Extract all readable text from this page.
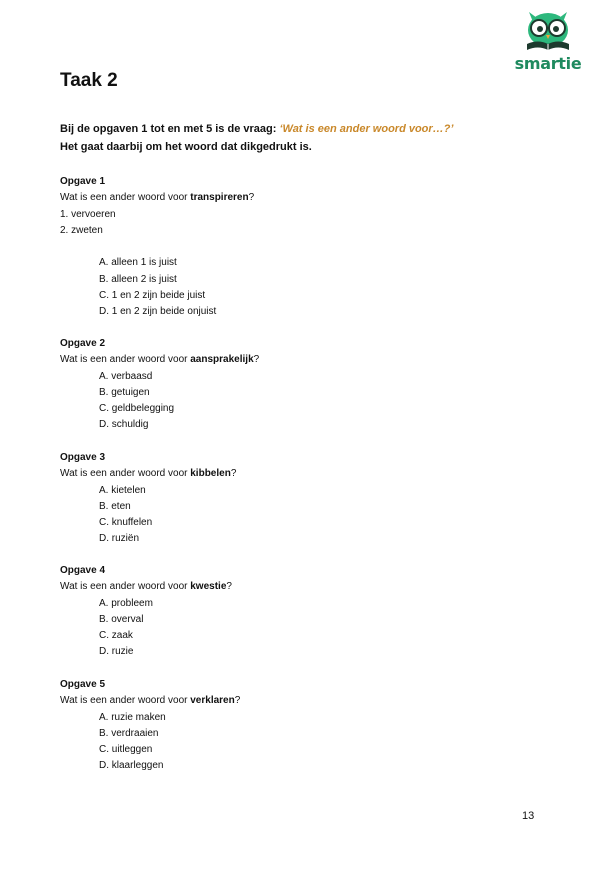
smartie
Taak 2
Bij de opgaven 1 tot en met 5 is de vraag: ‘Wat is een ander woord voor…?’
Het gaat daarbij om het woord dat dikgedrukt is.
Opgave 1
Wat is een ander woord voor transpireren?
1. vervoeren
2. zweten
A. alleen 1 is juist
B. alleen 2 is juist
C. 1 en 2 zijn beide juist
D. 1 en 2 zijn beide onjuist
Opgave 2
Wat is een ander woord voor aansprakelijk?
A. verbaasd
B. getuigen
C. geldbelegging
D. schuldig
Opgave 3
Wat is een ander woord voor kibbelen?
A. kietelen
B. eten
C. knuffelen
D. ruziën
Opgave 4
Wat is een ander woord voor kwestie?
A. probleem
B. overval
C. zaak
D. ruzie
Opgave 5
Wat is een ander woord voor verklaren?
A. ruzie maken
B. verdraaien
C. uitleggen
D. klaarleggen
13
